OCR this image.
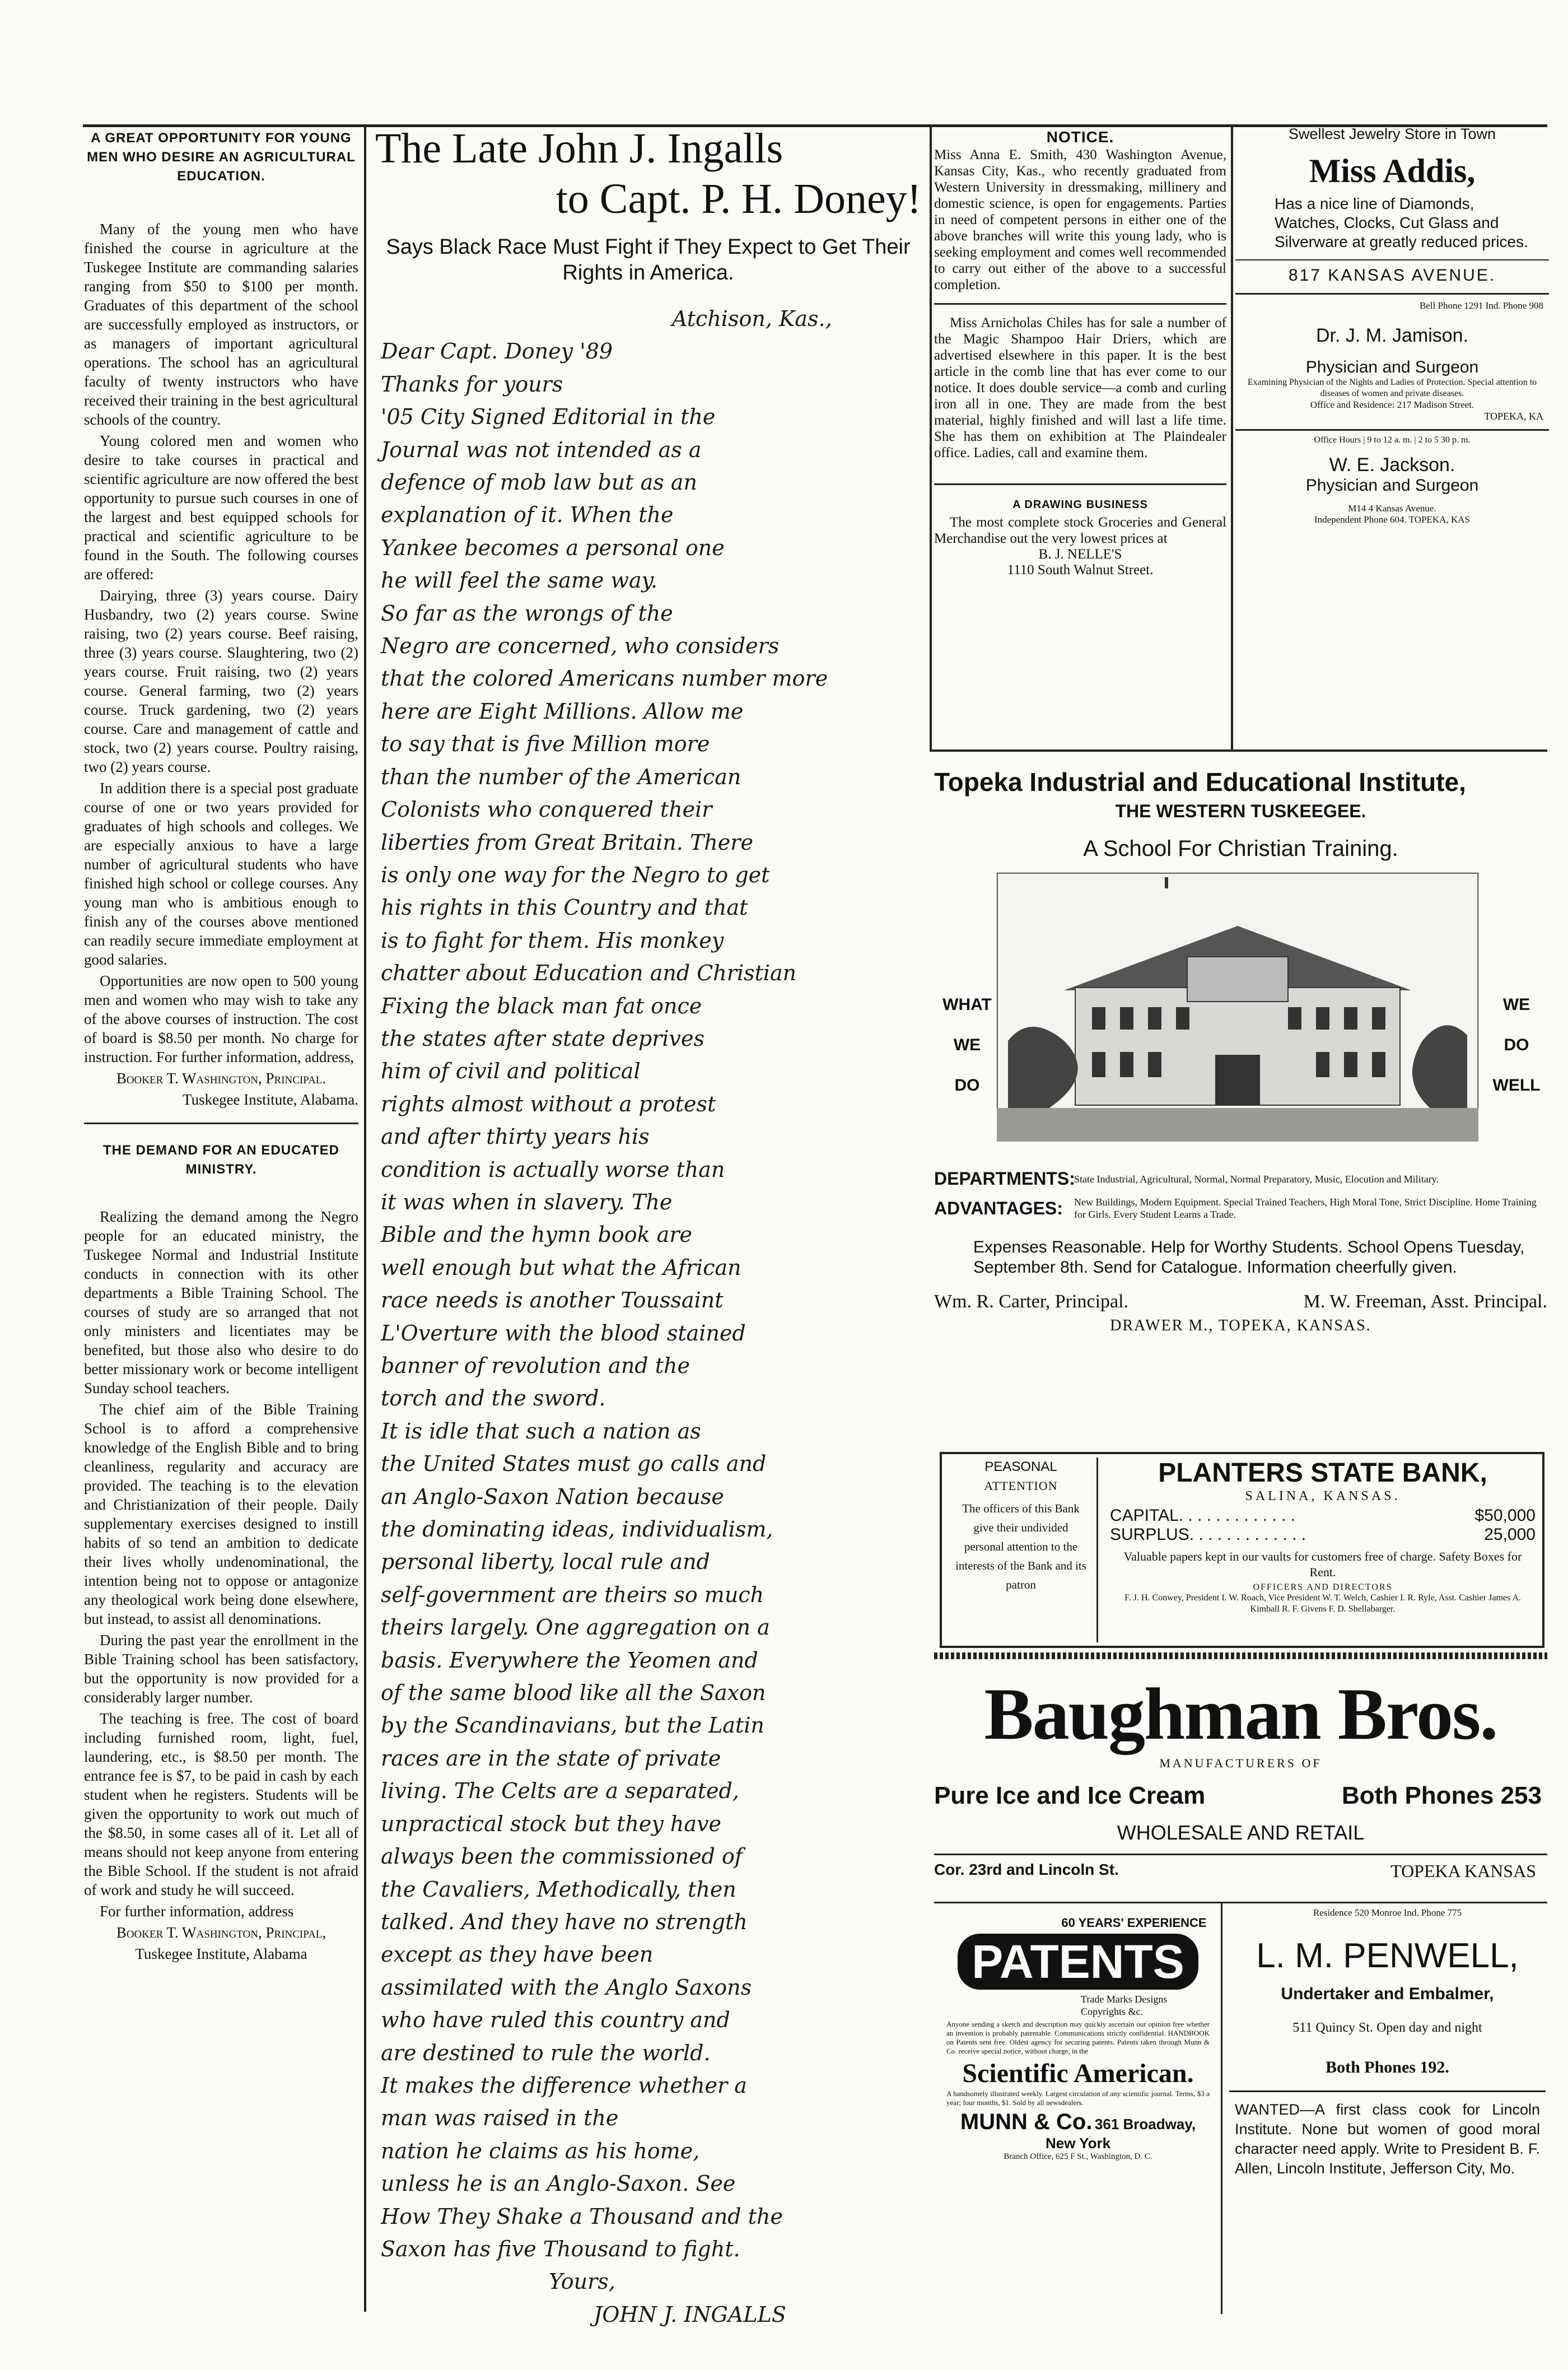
A GREAT OPPORTUNITY FOR YOUNG MEN WHO DESIRE AN AGRICULTURAL EDUCATION.

Many of the young men who have finished the course in agriculture at the Tuskegee Institute are commanding salaries ranging from $50 to $100 per month. Graduates of this department of the school are successfully employed as instructors, or as managers of important agricultural operations. The school has an agricultural faculty of twenty instructors who have received their training in the best agricultural schools of the country.

Young colored men and women who desire to take courses in practical and scientific agriculture are now offered the best opportunity to pursue such courses in one of the largest and best equipped schools for practical and scientific agriculture to be found in the South. The following courses are offered:

Dairying, three (3) years course. Dairy Husbandry, two (2) years course. Swine raising, two (2) years course. Beef raising, three (3) years course. Slaughtering, two (2) years course. Fruit raising, two (2) years course. General farming, two (2) years course. Truck gardening, two (2) years course. Care and management of cattle and stock, two (2) years course. Poultry raising, two (2) years course.

In addition there is a special post graduate course of one or two years provided for graduates of high schools and colleges. We are especially anxious to have a large number of agricultural students who have finished high school or college courses. Any young man who is ambitious enough to finish any of the courses above mentioned can readily secure immediate employment at good salaries.

Opportunities are now open to 500 young men and women who may wish to take any of the above courses of instruction. The cost of board is $8.50 per month. No charge for instruction. For further information, address,

Booker T. Washington, Principal.

Tuskegee Institute, Alabama.

THE DEMAND FOR AN EDUCATED MINISTRY.

Realizing the demand among the Negro people for an educated ministry, the Tuskegee Normal and Industrial Institute conducts in connection with its other departments a Bible Training School. The courses of study are so arranged that not only ministers and licentiates may be benefited, but those also who desire to do better missionary work or become intelligent Sunday school teachers.

The chief aim of the Bible Training School is to afford a comprehensive knowledge of the English Bible and to bring cleanliness, regularity and accuracy are provided. The teaching is to the elevation and Christianization of their people. Daily supplementary exercises designed to instill habits of so tend an ambition to dedicate their lives wholly undenominational, the intention being not to oppose or antagonize any theological work being done elsewhere, but instead, to assist all denominations.

During the past year the enrollment in the Bible Training school has been satisfactory, but the opportunity is now provided for a considerably larger number.

The teaching is free. The cost of board including furnished room, light, fuel, laundering, etc., is $8.50 per month. The entrance fee is $7, to be paid in cash by each student when he registers. Students will be given the opportunity to work out much of the $8.50, in some cases all of it. Let all of means should not keep anyone from entering the Bible School. If the student is not afraid of work and study he will succeed.

For further information, address

Booker T. Washington, Principal,

Tuskegee Institute, Alabama

The Late John J. Ingalls
to Capt. P. H. Doney!
Says Black Race Must Fight if They Expect to Get Their Rights in America.
Atchison, Kas.,
Dear Capt. Doney '89
Thanks for yours
'05 City Signed Editorial in the
Journal was not intended as a
defence of mob law but as an
explanation of it. When the
Yankee becomes a personal one
he will feel the same way.
So far as the wrongs of the
Negro are concerned, who considers
that the colored Americans number more
here are Eight Millions. Allow me
to say that is five Million more
than the number of the American
Colonists who conquered their
liberties from Great Britain. There
is only one way for the Negro to get
his rights in this Country and that
is to fight for them. His monkey
chatter about Education and Christian
Fixing the black man fat once
the states after state deprives
him of civil and political
rights almost without a protest
and after thirty years his
condition is actually worse than
it was when in slavery. The
Bible and the hymn book are
well enough but what the African
race needs is another Toussaint
L'Overture with the blood stained
banner of revolution and the
torch and the sword.
It is idle that such a nation as
the United States must go calls and
an Anglo-Saxon Nation because
the dominating ideas, individualism,
personal liberty, local rule and
self-government are theirs so much
theirs largely. One aggregation on a
basis. Everywhere the Yeomen and
of the same blood like all the Saxon
by the Scandinavians, but the Latin
races are in the state of private
living. The Celts are a separated,
unpractical stock but they have
always been the commissioned of
the Cavaliers, Methodically, then
talked. And they have no strength
except as they have been
assimilated with the Anglo Saxons
who have ruled this country and
are destined to rule the world.
It makes the difference whether a
man was raised in the
nation he claims as his home,
unless he is an Anglo-Saxon. See
How They Shake a Thousand and the
Saxon has five Thousand to fight.
Yours,
JOHN J. INGALLS
NOTICE.
Miss Anna E. Smith, 430 Washington Avenue, Kansas City, Kas., who recently graduated from Western University in dressmaking, millinery and domestic science, is open for engagements. Parties in need of competent persons in either one of the above branches will write this young lady, who is seeking employment and comes well recommended to carry out either of the above to a successful completion.
Miss Arnicholas Chiles has for sale a number of the Magic Shampoo Hair Driers, which are advertised elsewhere in this paper. It is the best article in the comb line that has ever come to our notice. It does double service—a comb and curling iron all in one. They are made from the best material, highly finished and will last a life time. She has them on exhibition at The Plaindealer office. Ladies, call and examine them.
A DRAWING BUSINESS
The most complete stock Groceries and General Merchandise out the very lowest prices at
B. J. NELLE'S
1110 South Walnut Street.
Swellest Jewelry Store in Town
Miss Addis,
Has a nice line of Diamonds, Watches, Clocks, Cut Glass and Silverware at greatly reduced prices.
817 KANSAS AVENUE.
Bell Phone 1291 Ind. Phone 908
Dr. J. M. Jamison.
Physician and Surgeon
Examining Physician of the Nights and Ladies of Protection. Special attention to diseases of women and private diseases.
Office and Residence: 217 Madison Street.
TOPEKA, KA
Office Hours | 9 to 12 a. m. | 2 to 5 30 p. m.
W. E. Jackson.
Physician and Surgeon
M14 4 Kansas Avenue.
Independent Phone 604. TOPEKA, KAS
Topeka Industrial and Educational Institute,
THE WESTERN TUSKEEGEE.
A School For Christian Training.
WHAT
WE
DO
WE
DO
WELL
DEPARTMENTS:
State Industrial, Agricultural, Normal, Normal Preparatory, Music, Elocution and Military.
ADVANTAGES:	New Buildings, Modern Equipment. Special Trained Teachers, High Moral Tone, Strict Discipline. Home Training for Girls. Every Student Learns a Trade.
Expenses Reasonable. Help for Worthy Students. School Opens Tuesday, September 8th. Send for Catalogue. Information cheerfully given.
Wm. R. Carter, Principal.	M. W. Freeman, Asst. Principal.
DRAWER M., TOPEKA, KANSAS.
PEASONAL
ATTENTION
The officers of this Bank give their undivided personal attention to the interests of the Bank and its patron
PLANTERS STATE BANK,
SALINA, KANSAS.
CAPITAL. . . . . . . . . . . . .	$50,000
SURPLUS. . . . . . . . . . . . .	25,000
Valuable papers kept in our vaults for customers free of charge. Safety Boxes for Rent.
OFFICERS AND DIRECTORS
F. J. H. Conwey, President I. W. Roach, Vice President W. T. Welch, Cashier I. R. Ryle, Asst. Cashier James A. Kimball R. F. Givens F. D. Shellabarger.
Baughman Bros.
MANUFACTURERS OF
Pure Ice and Ice Cream	Both Phones 253
WHOLESALE AND RETAIL
Cor. 23rd and Lincoln St.	TOPEKA KANSAS
60 YEARS' EXPERIENCE
PATENTS
Trade Marks Designs Copyrights &c.
Anyone sending a sketch and description may quickly ascertain our opinion free whether an invention is probably patentable. Communications strictly confidential. HANDBOOK on Patents sent free. Oldest agency for securing patents. Patents taken through Munn & Co. receive special notice, without charge, in the
Scientific American.
A handsomely illustrated weekly. Largest circulation of any scientific journal. Terms, $3 a year; four months, $1. Sold by all newsdealers.
MUNN & Co. 361 Broadway, New York
Branch Office, 625 F St., Washington, D. C.
Residence 520 Monroe Ind. Phone 775
L. M. PENWELL,
Undertaker and Embalmer,
511 Quincy St. Open day and night
Both Phones 192.
WANTED—A first class cook for Lincoln Institute. None but women of good moral character need apply. Write to President B. F. Allen, Lincoln Institute, Jefferson City, Mo.
